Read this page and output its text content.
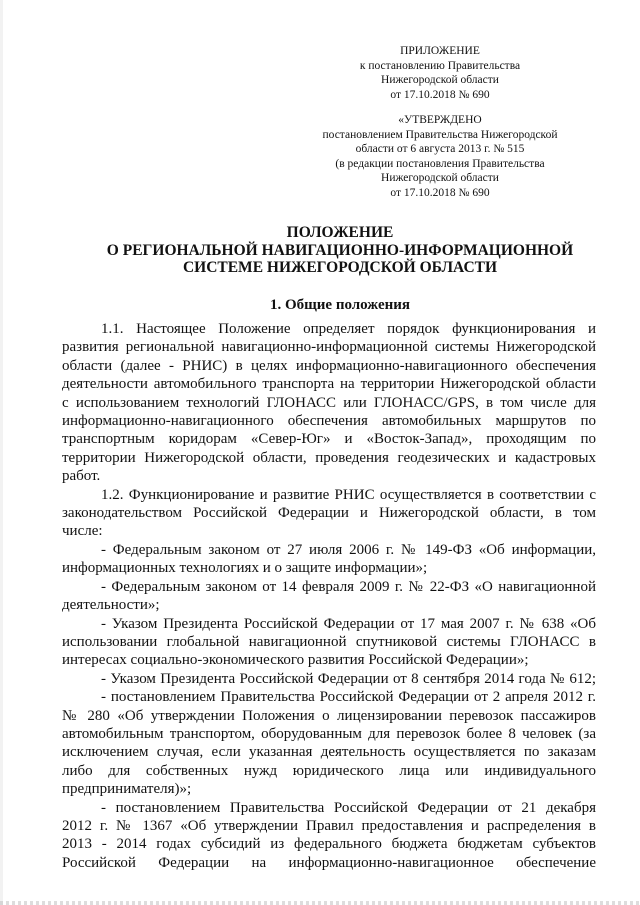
ПРИЛОЖЕНИЕ
к постановлению Правительства
Нижегородской области
от 17.10.2018 № 690
«УТВЕРЖДЕНО
постановлением Правительства Нижегородской
области от 6 августа 2013 г. № 515
(в редакции постановления Правительства
Нижегородской области
от 17.10.2018 № 690
ПОЛОЖЕНИЕ
О РЕГИОНАЛЬНОЙ НАВИГАЦИОННО-ИНФОРМАЦИОННОЙ
СИСТЕМЕ НИЖЕГОРОДСКОЙ ОБЛАСТИ
1. Общие положения
1.1. Настоящее Положение определяет порядок функционирования и
развития региональной навигационно-информационной системы Нижегородской
области (далее - РНИС) в целях информационно-навигационного обеспечения
деятельности автомобильного транспорта на территории Нижегородской области
с использованием технологий ГЛОНАСС или ГЛОНАСС/GPS, в том числе для
информационно-навигационного обеспечения автомобильных маршрутов по
транспортным коридорам «Север-Юг» и «Восток-Запад», проходящим по
территории Нижегородской области, проведения геодезических и кадастровых
работ.
1.2. Функционирование и развитие РНИС осуществляется в соответствии с
законодательством Российской Федерации и Нижегородской области, в том
числе:
- Федеральным законом от 27 июля 2006 г. № 149-ФЗ «Об информации,
информационных технологиях и о защите информации»;
- Федеральным законом от 14 февраля 2009 г. № 22-ФЗ «О навигационной
деятельности»;
- Указом Президента Российской Федерации от 17 мая 2007 г. № 638 «Об
использовании глобальной навигационной спутниковой системы ГЛОНАСС в
интересах социально-экономического развития Российской Федерации»;
- Указом Президента Российской Федерации от 8 сентября 2014 года № 612;
- постановлением Правительства Российской Федерации от 2 апреля 2012 г.
№ 280 «Об утверждении Положения о лицензировании перевозок пассажиров
автомобильным транспортом, оборудованным для перевозок более 8 человек (за
исключением случая, если указанная деятельность осуществляется по заказам
либо для собственных нужд юридического лица или индивидуального
предпринимателя)»;
- постановлением Правительства Российской Федерации от 21 декабря
2012 г. № 1367 «Об утверждении Правил предоставления и распределения в
2013 - 2014 годах субсидий из федерального бюджета бюджетам субъектов
Российской Федерации на информационно-навигационное обеспечение
